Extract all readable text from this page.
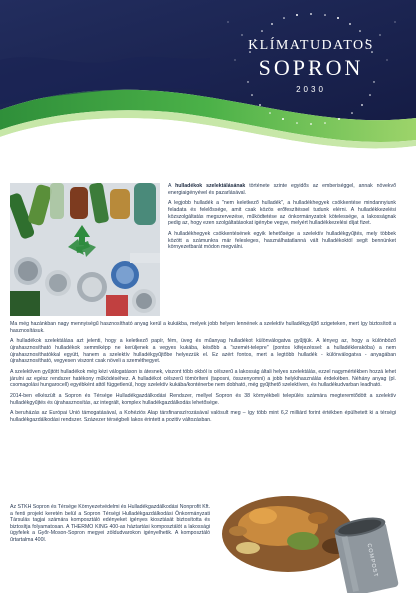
KLÍMATUDATOS
SOPRON
2030

A hulladékok szelektálásának története szinte egyidős az emberiséggel, annak növekvő energiaigényével és pazarlásával.

A legjobb hulladék a "nem keletkező hulladék", a hulladékhegyek csökkentése mindannyiunk feladata és felelőssége, amit csak közös erőfeszítéssel tudunk elérni. A hulladékkezelési közszolgáltatás megszervezése, működtetése az önkormányzatok kötelessége, a lakosságnak pedig az, hogy ezen szolgáltatásokat igénybe vegye, melyért hulladékkezelési díjat fizet.

A hulladékhegyek csökkentésének egyik lehetősége a szelektív hulladékgyűjtés, mely többek között a számunkra már felesleges, használhatatlanná vált hulladékoktól segít bennünket környezetbarát módon megválni.

Ma még hazánkban nagy mennyiségű hasznosítható anyag kerül a kukákba, melyek jobb helyen lennének a szelektív hulladékgyűjtő szigeteken, mert így biztosított a hasznosításuk.

A hulladékok szelektálása azt jelenti, hogy a keletkező papír, fém, üveg és műanyag hulladékot különválogatva gyűjtjük. A lényeg az, hogy a különböző újrahasznosítható hulladékok semmiképp ne kerüljenek a vegyes kukába, később a "szemét-telepre" (pontos kifejezéssel: a hulladéklerakóba) a nem újrahasznosíthatókkal együtt, hanem a szelektív hulladékgyűjtőbe helyezzük el. Ez azért fontos, mert a legtöbb hulladék - különválogatva - anyagában újrahasznosítható, vegyesen viszont csak növeli a szeméthegyet.

A szelektíven gyűjtött hulladékok még kézi válogatáson is átesnek, viszont több okból is célszerű a lakosság általi helyes szelektálás, ezzel nagymértékben hozzá lehet járulni az egész rendszer hatékony működéséhez. A hulladékot célszerű tömöríteni (taposni, összenyomni) a jobb helykihasználás érdekében. Néhány anyag (pl. csomagolási hungarocell) egyébként attól függetlenül, hogy szelektív kukába/konténerbe nem dobható, még gyűjthető szelektíven, és hulladékudvarban leadható.

2014-ben elkészült a Sopron és Térsége Hulladékgazdálkodási Rendszer, mellyel Sopron és 38 környékbeli település számára megteremtődött a szelektív hulladékgyűjtés és újrahasznosítás, az integrált, komplex hulladékgazdálkodás lehetősége.

A beruházás az Európai Unió támogatásával, a Kohéziós Alap társfinanszírozásával valósult meg – így több mint 6,2 milliárd forint értékben épülhetett ki a térségi hulladékgazdálkodási rendszer. Százezer térségbeli lakos érintett a pozitív változásban.

Az STKH Sopron és Térsége Környezetvédelmi és Hulladékgazdálkodási Nonprofit Kft. a fenti projekt keretén belül a Sopron Térségi Hulladékgazdálkodási Önkormányzati Társulás tagjai számára komposztáló edényeket igényes kiosztását biztosította és biztosítja folyamatosan. A THERMO KING 400-as háztartási komposztálót a lakossági ügyfelek a Győr-Moson-Sopron megyei zöldudvarokon igényelhetik. A komposztáló űrtartalma 400l.

COMPOST
